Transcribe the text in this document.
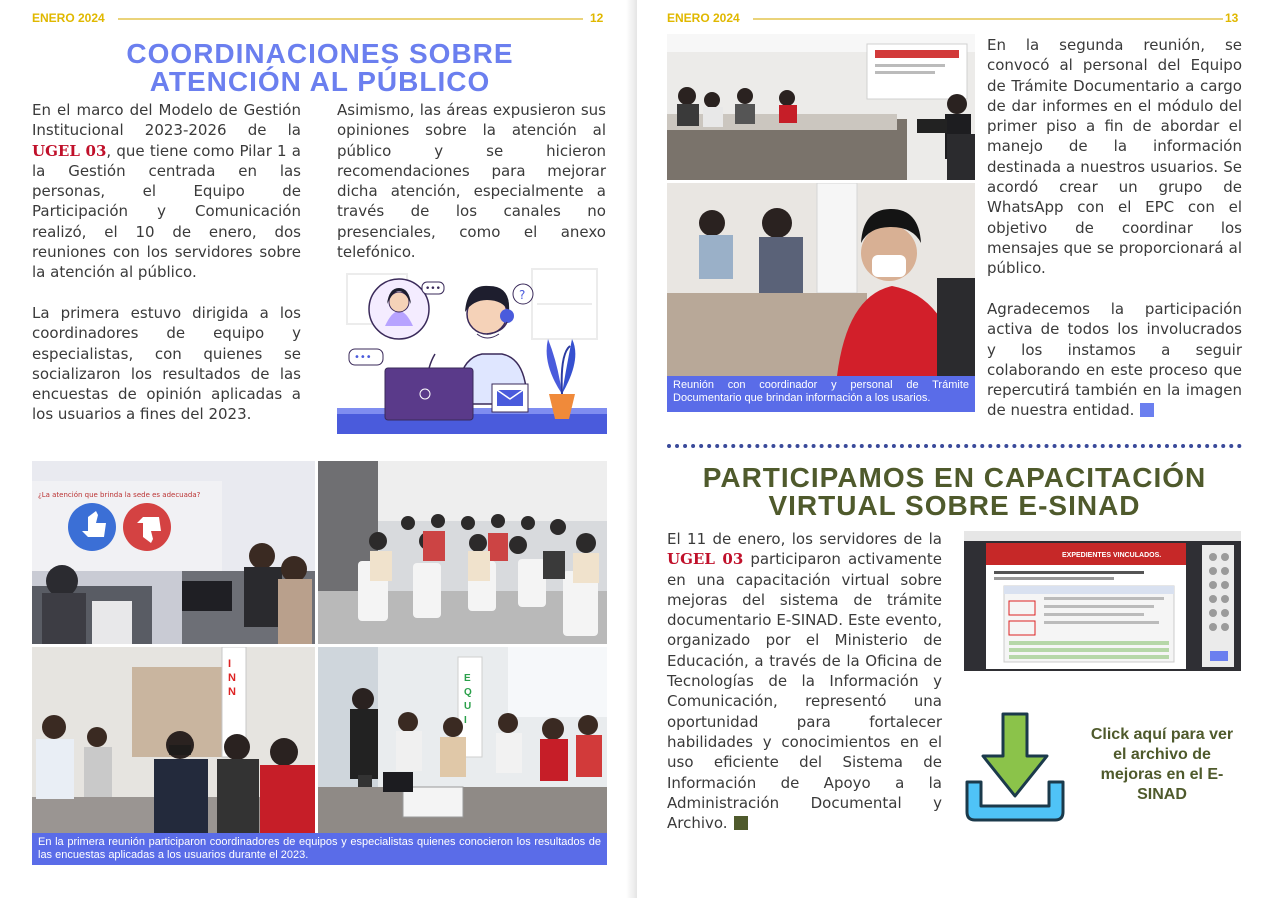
ENERO 2024	12
COORDINACIONES SOBRE
ATENCIÓN AL PÚBLICO
En el marco del Modelo de Gestión Institucional 2023-2026 de la UGEL 03, que tiene como Pilar 1 a la Gestión centrada en las personas, el Equipo de Participación y Comunicación realizó, el 10 de enero, dos reuniones con los servidores sobre la atención al público.
La primera estuvo dirigida a los coordinadores de equipo y especialistas, con quienes se socializaron los resultados de las encuestas de opinión aplicadas a los usuarios a fines del 2023.
Asimismo, las áreas expusieron sus opiniones sobre la atención al público y se hicieron recomendaciones para mejorar dicha atención, especialmente a través de los canales no presenciales, como el anexo telefónico.
•••
•••
?
¿La atención que brinda la sede es adecuada?
I
N
N
E
Q
U
I
En la primera reunión participaron coordinadores de equipos y especialistas quienes conocieron los resultados de las encuestas aplicadas a los usuarios durante el 2023.
ENERO 2024	13
Reunión con coordinador y personal de Trámite Documentario que brindan información a los usarios.
En la segunda reunión, se convocó al personal del Equipo de Trámite Documentario a cargo de dar informes en el módulo del primer piso a fin de abordar el manejo de la información destinada a nuestros usuarios. Se acordó crear un grupo de WhatsApp con el EPC con el objetivo de coordinar los mensajes que se proporcionará al público.
Agradecemos la participación activa de todos los involucrados y los instamos a seguir colaborando en este proceso que repercutirá también en la imagen de nuestra entidad.
PARTICIPAMOS EN CAPACITACIÓN
VIRTUAL SOBRE E-SINAD
El 11 de enero, los servidores de la UGEL 03 participaron activamente en una capacitación virtual sobre mejoras del sistema de trámite documentario E-SINAD. Este evento, organizado por el Ministerio de Educación, a través de la Oficina de Tecnologías de la Información y Comunicación, representó una oportunidad para fortalecer habilidades y conocimientos en el uso eficiente del Sistema de Información de Apoyo a la Administración Documental y Archivo.
EXPEDIENTES VINCULADOS.
Click aquí para ver el archivo de mejoras en el E-SINAD
